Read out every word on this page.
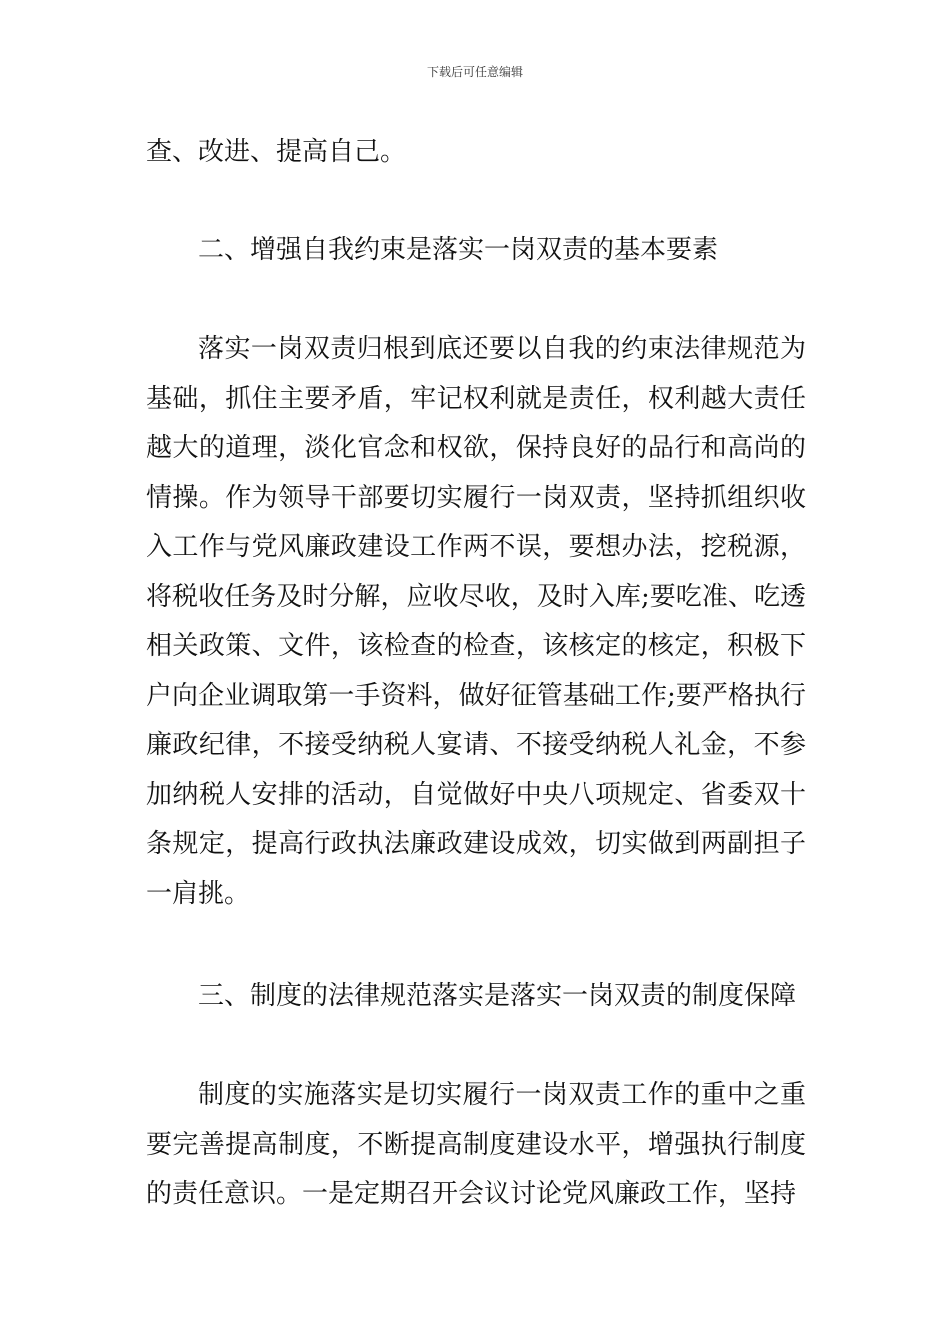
下载后可任意编辑

查、改进、提高自己。

二、增强自我约束是落实一岗双责的基本要素

落实一岗双责归根到底还要以自我的约束法律规范为基础，抓住主要矛盾，牢记权利就是责任，权利越大责任越大的道理，淡化官念和权欲，保持良好的品行和高尚的情操。作为领导干部要切实履行一岗双责，坚持抓组织收入工作与党风廉政建设工作两不误，要想办法，挖税源，将税收任务及时分解，应收尽收，及时入库;要吃准、吃透相关政策、文件，该检查的检查，该核定的核定，积极下户向企业调取第一手资料，做好征管基础工作;要严格执行廉政纪律，不接受纳税人宴请、不接受纳税人礼金，不参加纳税人安排的活动，自觉做好中央八项规定、省委双十条规定，提高行政执法廉政建设成效，切实做到两副担子一肩挑。

三、制度的法律规范落实是落实一岗双责的制度保障

制度的实施落实是切实履行一岗双责工作的重中之重要完善提高制度，不断提高制度建设水平，增强执行制度的责任意识。一是定期召开会议讨论党风廉政工作，坚持
